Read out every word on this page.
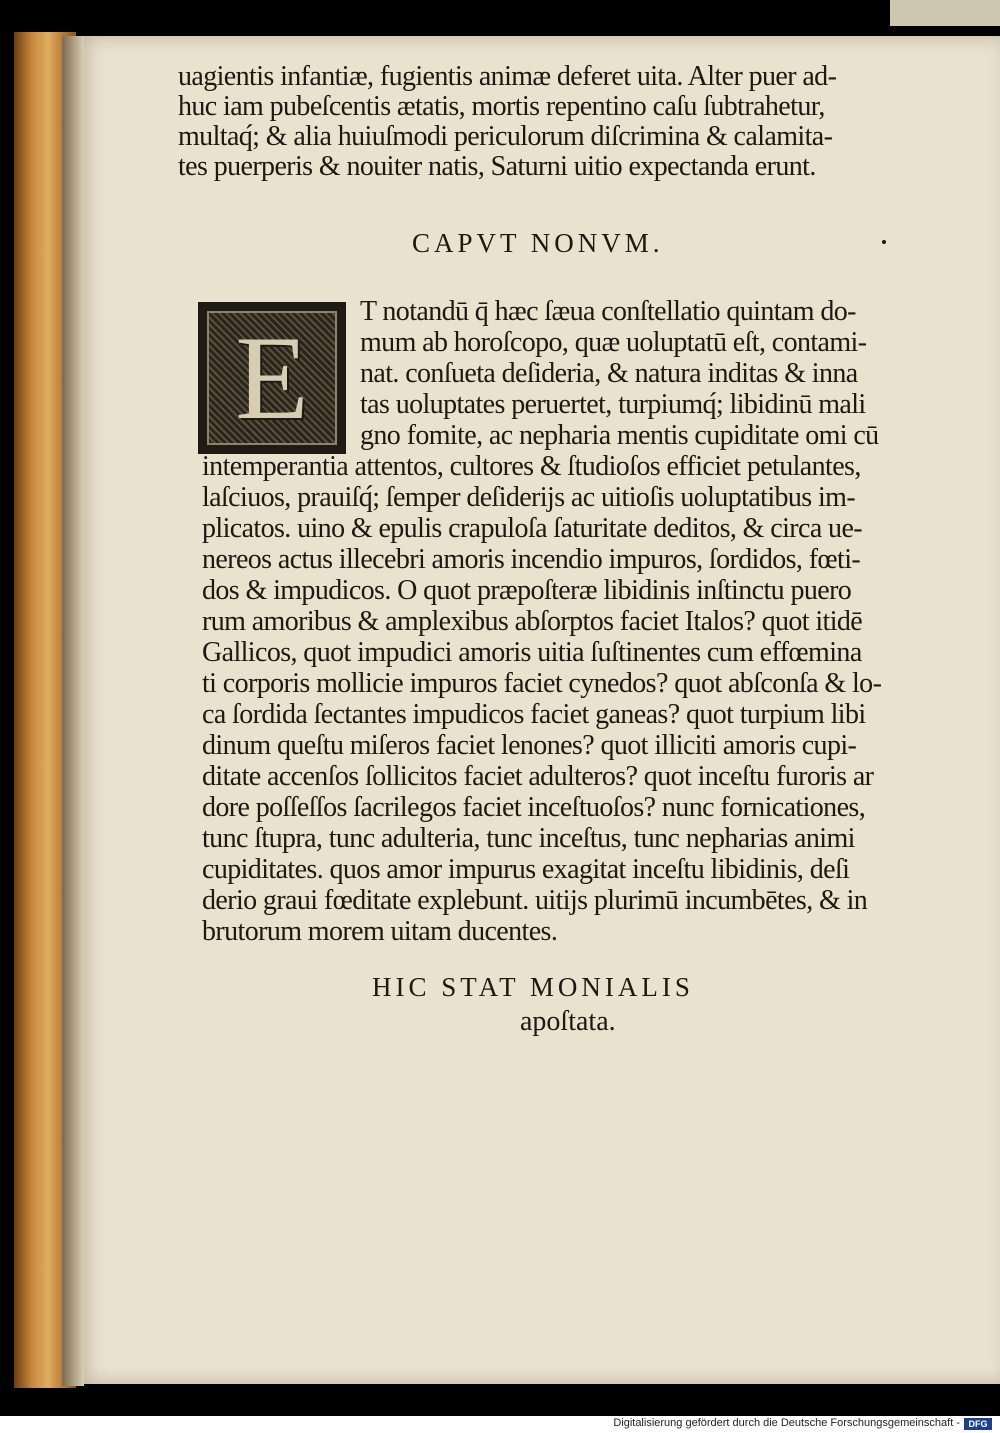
uagientis infantiæ, fugientis animæ deferet uita. Alter puer ad-
huc iam pubeſcentis ætatis, mortis repentino caſu ſubtrahetur,
multaq́; & alia huiuſmodi periculorum diſcrimina & calamita-
tes puerperis & nouiter natis, Saturni uitio expectanda erunt.
CAPVT NONVM.
E	T notandū q̄ hæc ſæua conſtellatio quintam do-
mum ab horoſcopo, quæ uoluptatū eſt, contami-
nat. conſueta deſideria, & natura inditas & inna
tas uoluptates peruertet, turpiumq́; libidinū mali
gno fomite, ac nepharia mentis cupiditate omi cū
intemperantia attentos, cultores & ſtudioſos efficiet petulantes,
laſciuos, prauiſq́; ſemper deſiderijs ac uitioſis uoluptatibus im-
plicatos. uino & epulis crapuloſa ſaturitate deditos, & circa ue-
nereos actus illecebri amoris incendio impuros, ſordidos, fœti-
dos & impudicos. O quot præpoſteræ libidinis inſtinctu puero
rum amoribus & amplexibus abſorptos faciet Italos? quot itidē
Gallicos, quot impudici amoris uitia ſuſtinentes cum effœmina
ti corporis mollicie impuros faciet cynedos? quot abſconſa & lo-
ca ſordida ſectantes impudicos faciet ganeas? quot turpium libi
dinum queſtu miſeros faciet lenones? quot illiciti amoris cupi-
ditate accenſos ſollicitos faciet adulteros? quot inceſtu furoris ar
dore poſſeſſos ſacrilegos faciet inceſtuoſos? nunc fornicationes,
tunc ſtupra, tunc adulteria, tunc inceſtus, tunc nepharias animi
cupiditates. quos amor impurus exagitat inceſtu libidinis, deſi
derio graui fœditate explebunt. uitijs plurimū incumbētes, & in
brutorum morem uitam ducentes.
HIC STAT MONIALIS
apoſtata.
Digitalisierung gefördert durch die Deutsche Forschungsgemeinschaft - DFG
